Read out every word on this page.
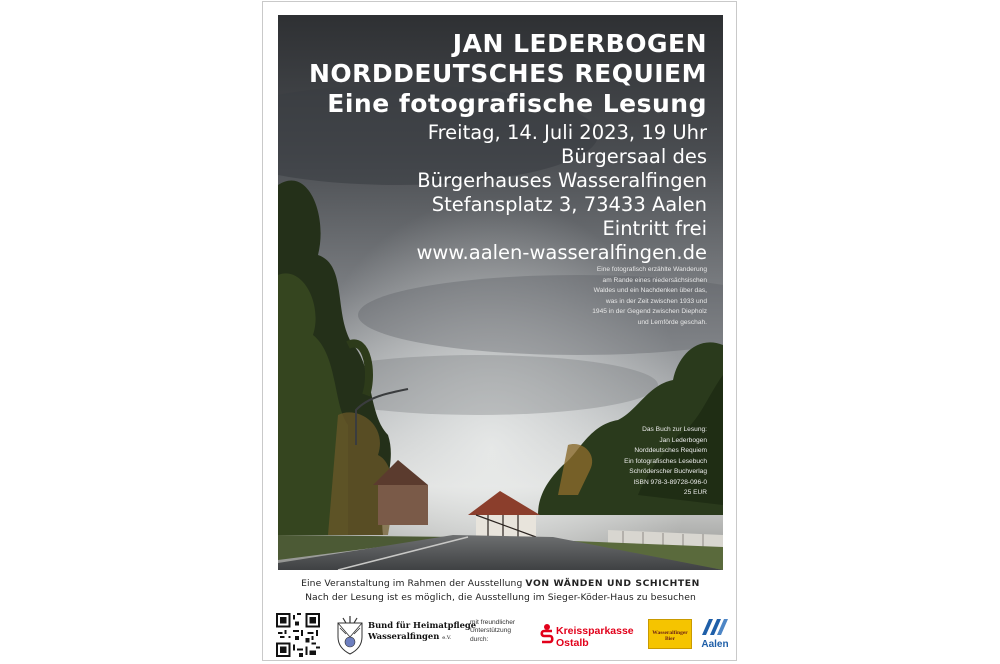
JAN LEDERBOGEN
NORDDEUTSCHES REQUIEM
Eine fotografische Lesung
Freitag, 14. Juli 2023, 19 Uhr
Bürgersaal des
Bürgerhauses Wasseralfingen
Stefansplatz 3, 73433 Aalen
Eintritt frei
www.aalen-wasseralfingen.de
Eine fotografisch erzählte Wanderung
am Rande eines niedersächsischen
Waldes und ein Nachdenken über das,
was in der Zeit zwischen 1933 und
1945 in der Gegend zwischen Diepholz
und Lemförde geschah.
Das Buch zur Lesung:
Jan Lederbogen
Norddeutsches Requiem
Ein fotografisches Lesebuch
Schröderscher Buchverlag
ISBN 978-3-89728-096-0
25 EUR
Eine Veranstaltung im Rahmen der Ausstellung VON WÄNDEN UND SCHICHTEN
Nach der Lesung ist es möglich, die Ausstellung im Sieger-Köder-Haus zu besuchen
Bund für Heimatpflege
Wasseralfingen e.V.
mit freundlicher
Unterstützung
durch:
Kreissparkasse
Ostalb
Wasseralfinger Bier	Aalen
